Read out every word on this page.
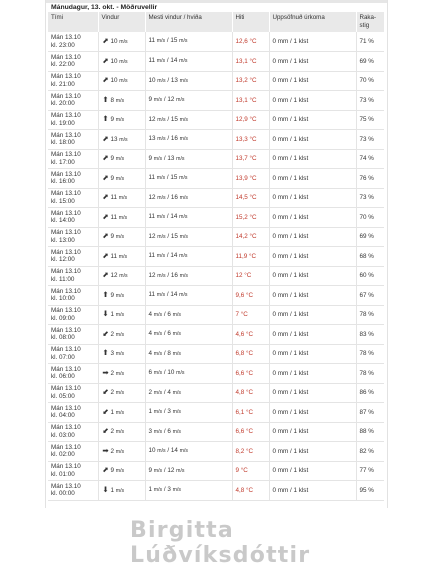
Mánudagur, 13. okt. - Möðruvellir
Tími	Vindur	Mesti vindur / hviða	Hiti	Uppsöfnuð úrkoma	Raka-stig
Mán 13.10
kl. 23:00	⬈ 10 m/s	11 m/s / 15 m/s	12,6 °C	0 mm / 1 klst	71 %
Mán 13.10
kl. 22:00	⬈ 10 m/s	11 m/s / 14 m/s	13,1 °C	0 mm / 1 klst	69 %
Mán 13.10
kl. 21:00	⬈ 10 m/s	10 m/s / 13 m/s	13,2 °C	0 mm / 1 klst	70 %
Mán 13.10
kl. 20:00	⬆ 8 m/s	9 m/s / 12 m/s	13,1 °C	0 mm / 1 klst	73 %
Mán 13.10
kl. 19:00	⬆ 9 m/s	12 m/s / 15 m/s	12,9 °C	0 mm / 1 klst	75 %
Mán 13.10
kl. 18:00	⬈ 13 m/s	13 m/s / 16 m/s	13,3 °C	0 mm / 1 klst	73 %
Mán 13.10
kl. 17:00	⬈ 9 m/s	9 m/s / 13 m/s	13,7 °C	0 mm / 1 klst	74 %
Mán 13.10
kl. 16:00	⬈ 9 m/s	11 m/s / 15 m/s	13,9 °C	0 mm / 1 klst	76 %
Mán 13.10
kl. 15:00	⬈ 11 m/s	12 m/s / 16 m/s	14,5 °C	0 mm / 1 klst	73 %
Mán 13.10
kl. 14:00	⬈ 11 m/s	11 m/s / 14 m/s	15,2 °C	0 mm / 1 klst	70 %
Mán 13.10
kl. 13:00	⬈ 9 m/s	12 m/s / 15 m/s	14,2 °C	0 mm / 1 klst	69 %
Mán 13.10
kl. 12:00	⬈ 11 m/s	11 m/s / 14 m/s	11,9 °C	0 mm / 1 klst	68 %
Mán 13.10
kl. 11:00	⬈ 12 m/s	12 m/s / 16 m/s	12 °C	0 mm / 1 klst	60 %
Mán 13.10
kl. 10:00	⬆ 9 m/s	11 m/s / 14 m/s	9,6 °C	0 mm / 1 klst	67 %
Mán 13.10
kl. 09:00	⬇ 1 m/s	4 m/s / 6 m/s	7 °C	0 mm / 1 klst	78 %
Mán 13.10
kl. 08:00	⬋ 2 m/s	4 m/s / 6 m/s	4,6 °C	0 mm / 1 klst	83 %
Mán 13.10
kl. 07:00	⬆ 3 m/s	4 m/s / 8 m/s	6,8 °C	0 mm / 1 klst	78 %
Mán 13.10
kl. 06:00	➡ 2 m/s	6 m/s / 10 m/s	6,6 °C	0 mm / 1 klst	78 %
Mán 13.10
kl. 05:00	⬋ 2 m/s	2 m/s / 4 m/s	4,8 °C	0 mm / 1 klst	86 %
Mán 13.10
kl. 04:00	⬋ 1 m/s	1 m/s / 3 m/s	6,1 °C	0 mm / 1 klst	87 %
Mán 13.10
kl. 03:00	⬋ 2 m/s	3 m/s / 6 m/s	6,6 °C	0 mm / 1 klst	88 %
Mán 13.10
kl. 02:00	➡ 2 m/s	10 m/s / 14 m/s	8,2 °C	0 mm / 1 klst	82 %
Mán 13.10
kl. 01:00	⬈ 9 m/s	9 m/s / 12 m/s	9 °C	0 mm / 1 klst	77 %
Mán 13.10
kl. 00:00	⬇ 1 m/s	1 m/s / 3 m/s	4,8 °C	0 mm / 1 klst	95 %
Birgitta Lúðvíksdóttir
